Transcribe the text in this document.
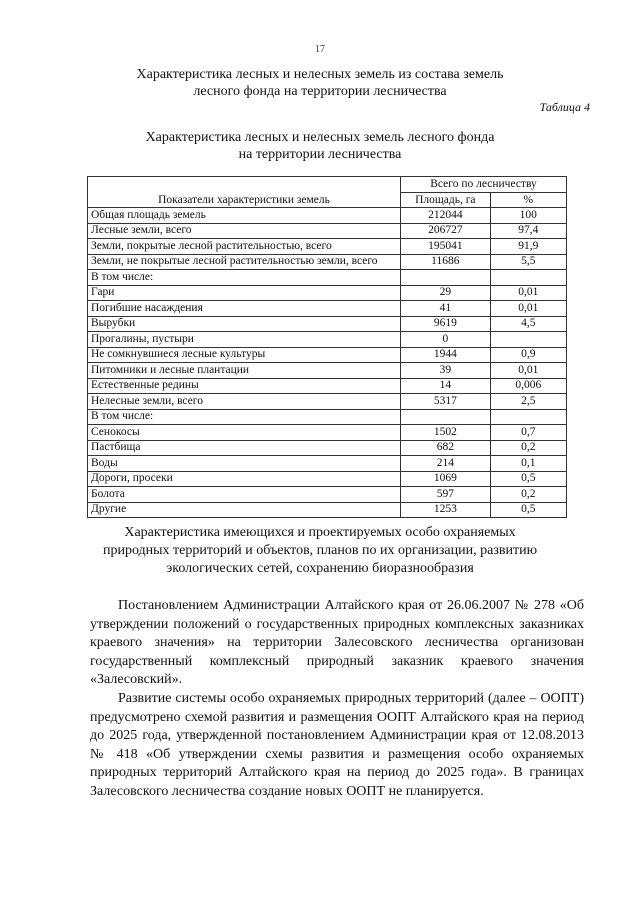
17
Характеристика лесных и нелесных земель из состава земель
лесного фонда на территории лесничества
Таблица 4
Характеристика лесных и нелесных земель лесного фонда
на территории лесничества
Показатели характеристики земель	Всего по лесничеству	
	Площадь, га	%
Общая площадь земель	212044	100
Лесные земли, всего	206727	97,4
Земли, покрытые лесной растительностью, всего	195041	91,9
Земли, не покрытые лесной растительностью земли, всего	11686	5,5
В том числе:		
Гари	29	0,01
Погибшие насаждения	41	0,01
Вырубки	9619	4,5
Прогалины, пустыри	0	
Не сомкнувшиеся лесные культуры	1944	0,9
Питомники и лесные плантации	39	0,01
Естественные редины	14	0,006
Нелесные земли, всего	5317	2,5
В том числе:		
Сенокосы	1502	0,7
Пастбища	682	0,2
Воды	214	0,1
Дороги, просеки	1069	0,5
Болота	597	0,2
Другие	1253	0,5
Характеристика имеющихся и проектируемых особо охраняемых
природных территорий и объектов, планов по их организации, развитию
экологических сетей, сохранению биоразнообразия
Постановлением Администрации Алтайского края от 26.06.2007 № 278 «Об утверждении положений о государственных природных комплексных заказниках краевого значения» на территории Залесовского лесничества организован государственный комплексный природный заказник краевого значения «Залесовский».
Развитие системы особо охраняемых природных территорий (далее – ООПТ) предусмотрено схемой развития и размещения ООПТ Алтайского края на период до 2025 года, утвержденной постановлением Администрации края от 12.08.2013 № 418 «Об утверждении схемы развития и размещения особо охраняемых природных территорий Алтайского края на период до 2025 года». В границах Залесовского лесничества создание новых ООПТ не планируется.
